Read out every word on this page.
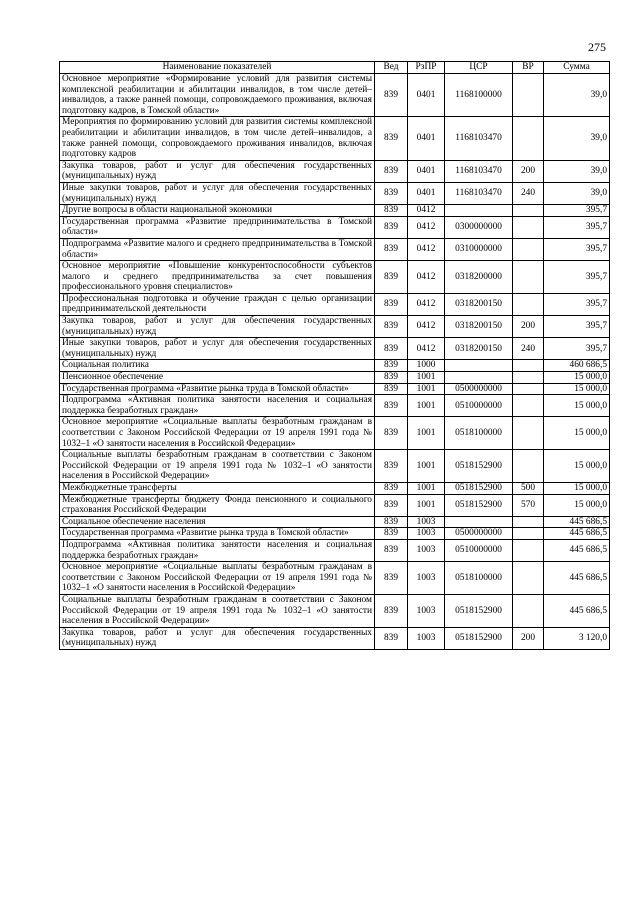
275
Наименование показателей	Вед	РзПР	ЦСР	ВР	Сумма
Основное мероприятие «Формирование условий для развития системы комплексной реабилитации и абилитации инвалидов, в том числе детей–инвалидов, а также ранней помощи, сопровождаемого проживания, включая подготовку кадров, в Томской области»	839	0401	1168100000		39,0
Мероприятия по формированию условий для развития системы комплексной реабилитации и абилитации инвалидов, в том числе детей–инвалидов, а также ранней помощи, сопровождаемого проживания инвалидов, включая подготовку кадров	839	0401	1168103470		39,0
Закупка товаров, работ и услуг для обеспечения государственных (муниципальных) нужд	839	0401	1168103470	200	39,0
Иные закупки товаров, работ и услуг для обеспечения государственных (муниципальных) нужд	839	0401	1168103470	240	39,0
Другие вопросы в области национальной экономики	839	0412			395,7
Государственная программа «Развитие предпринимательства в Томской области»	839	0412	0300000000		395,7
Подпрограмма «Развитие малого и среднего предпринимательства в Томской области»	839	0412	0310000000		395,7
Основное мероприятие «Повышение конкурентоспособности субъектов малого и среднего предпринимательства за счет повышения профессионального уровня специалистов»	839	0412	0318200000		395,7
Профессиональная подготовка и обучение граждан с целью организации предпринимательской деятельности	839	0412	0318200150		395,7
Закупка товаров, работ и услуг для обеспечения государственных (муниципальных) нужд	839	0412	0318200150	200	395,7
Иные закупки товаров, работ и услуг для обеспечения государственных (муниципальных) нужд	839	0412	0318200150	240	395,7
Социальная политика	839	1000			460 686,5
Пенсионное обеспечение	839	1001			15 000,0
Государственная программа «Развитие рынка труда в Томской области»	839	1001	0500000000		15 000,0
Подпрограмма «Активная политика занятости населения и социальная поддержка безработных граждан»	839	1001	0510000000		15 000,0
Основное мероприятие «Социальные выплаты безработным гражданам в соответствии с Законом Российской Федерации от 19 апреля 1991 года № 1032–1 «О занятости населения в Российской Федерации»	839	1001	0518100000		15 000,0
Социальные выплаты безработным гражданам в соответствии с Законом Российской Федерации от 19 апреля 1991 года № 1032–1 «О занятости населения в Российской Федерации»	839	1001	0518152900		15 000,0
Межбюджетные трансферты	839	1001	0518152900	500	15 000,0
Межбюджетные трансферты бюджету Фонда пенсионного и социального страхования Российской Федерации	839	1001	0518152900	570	15 000,0
Социальное обеспечение населения	839	1003			445 686,5
Государственная программа «Развитие рынка труда в Томской области»	839	1003	0500000000		445 686,5
Подпрограмма «Активная политика занятости населения и социальная поддержка безработных граждан»	839	1003	0510000000		445 686,5
Основное мероприятие «Социальные выплаты безработным гражданам в соответствии с Законом Российской Федерации от 19 апреля 1991 года № 1032–1 «О занятости населения в Российской Федерации»	839	1003	0518100000		445 686,5
Социальные выплаты безработным гражданам в соответствии с Законом Российской Федерации от 19 апреля 1991 года № 1032–1 «О занятости населения в Российской Федерации»	839	1003	0518152900		445 686,5
Закупка товаров, работ и услуг для обеспечения государственных (муниципальных) нужд	839	1003	0518152900	200	3 120,0
